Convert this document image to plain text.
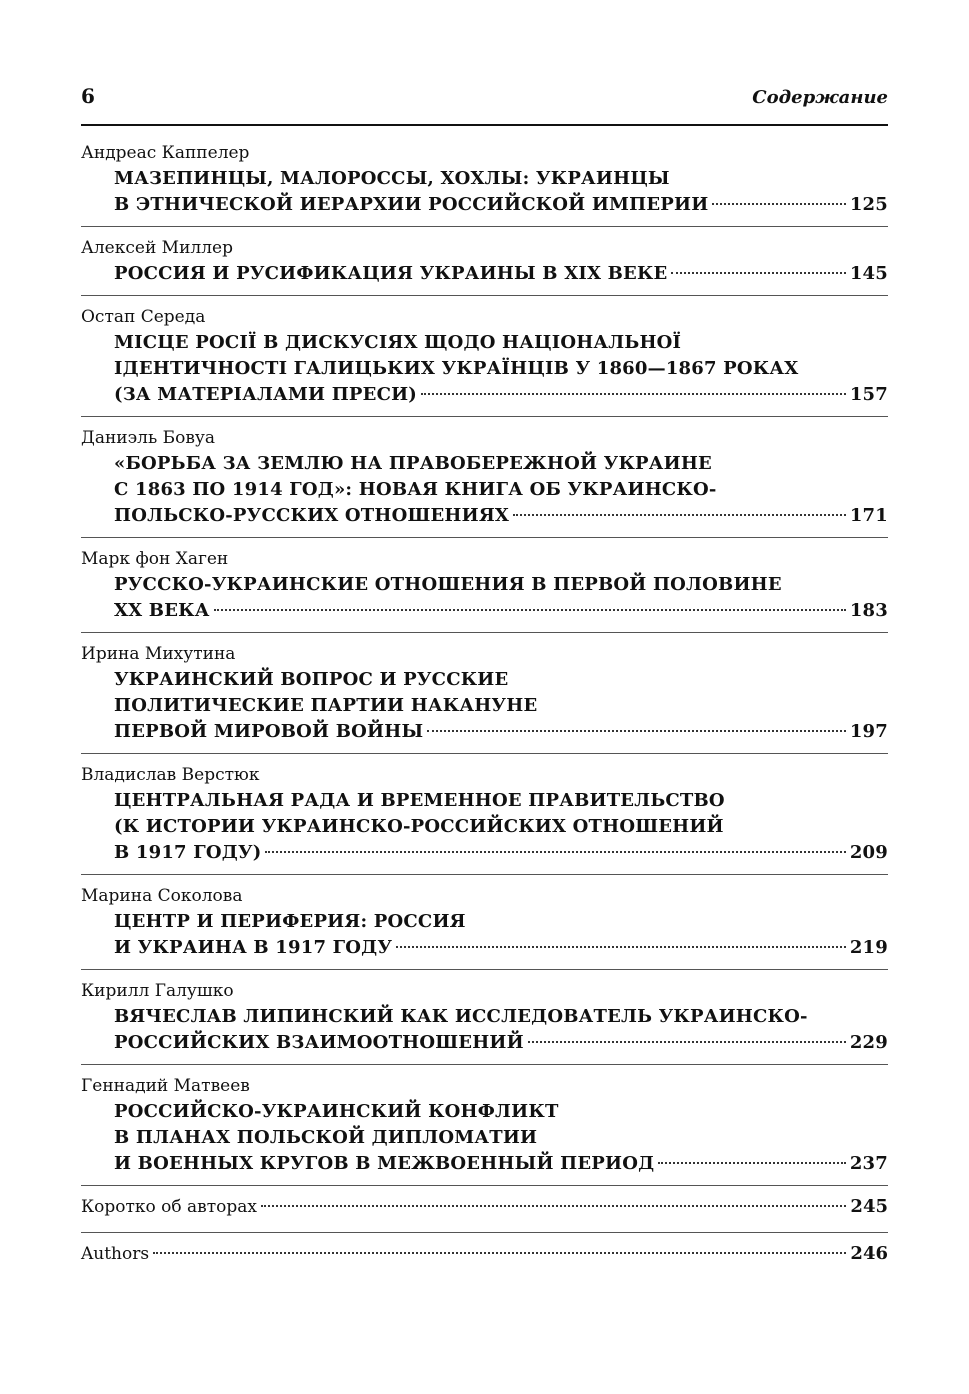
6	Содержание
Андреас Каппелер
МАЗЕПИНЦЫ, МАЛОРОССЫ, ХОХЛЫ: УКРАИНЦЫ
В ЭТНИЧЕСКОЙ ИЕРАРХИИ РОССИЙСКОЙ ИМПЕРИИ	125
Алексей Миллер
РОССИЯ И РУСИФИКАЦИЯ УКРАИНЫ В XIX ВЕКЕ	145
Остап Середа
МІСЦЕ РОСІЇ В ДИСКУСІЯХ ЩОДО НАЦІОНАЛЬНОЇ
ІДЕНТИЧНОСТІ ГАЛИЦЬКИХ УКРАЇНЦІВ У 1860—1867 РОКАХ
(ЗА МАТЕРІАЛАМИ ПРЕСИ)	157
Даниэль Бовуа
«БОРЬБА ЗА ЗЕМЛЮ НА ПРАВОБЕРЕЖНОЙ УКРАИНЕ
С 1863 ПО 1914 ГОД»: НОВАЯ КНИГА ОБ УКРАИНСКО-
ПОЛЬСКО-РУССКИХ ОТНОШЕНИЯХ	171
Марк фон Хаген
РУССКО-УКРАИНСКИЕ ОТНОШЕНИЯ В ПЕРВОЙ ПОЛОВИНЕ
XX ВЕКА	183
Ирина Михутина
УКРАИНСКИЙ ВОПРОС И РУССКИЕ
ПОЛИТИЧЕСКИЕ ПАРТИИ НАКАНУНЕ
ПЕРВОЙ МИРОВОЙ ВОЙНЫ	197
Владислав Верстюк
ЦЕНТРАЛЬНАЯ РАДА И ВРЕМЕННОЕ ПРАВИТЕЛЬСТВО
(К ИСТОРИИ УКРАИНСКО-РОССИЙСКИХ ОТНОШЕНИЙ
В 1917 ГОДУ)	209
Марина Соколова
ЦЕНТР И ПЕРИФЕРИЯ: РОССИЯ
И УКРАИНА В 1917 ГОДУ	219
Кирилл Галушко
ВЯЧЕСЛАВ ЛИПИНСКИЙ КАК ИССЛЕДОВАТЕЛЬ УКРАИНСКО-
РОССИЙСКИХ ВЗАИМООТНОШЕНИЙ	229
Геннадий Матвеев
РОССИЙСКО-УКРАИНСКИЙ КОНФЛИКТ
В ПЛАНАХ ПОЛЬСКОЙ ДИПЛОМАТИИ
И ВОЕННЫХ КРУГОВ В МЕЖВОЕННЫЙ ПЕРИОД	237
Коротко об авторах	245
Authors	246
